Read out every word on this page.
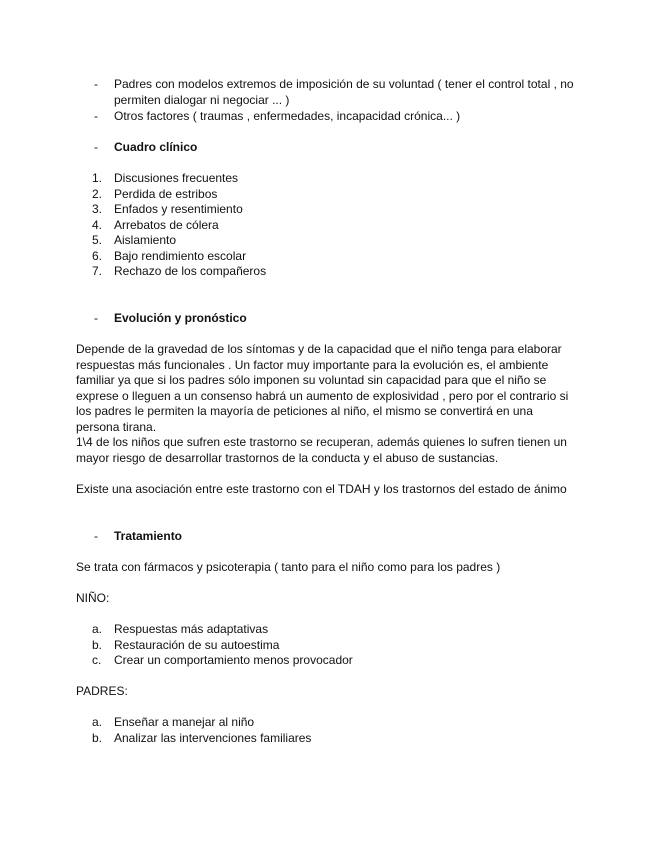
-	Padres con modelos extremos de imposición de su voluntad ( tener el control total , no permiten dialogar ni negociar ... )
-	Otros factores ( traumas , enfermedades, incapacidad crónica... )
-	Cuadro clínico
1. Discusiones frecuentes
2. Perdida de estribos
3. Enfados y resentimiento
4. Arrebatos de cólera
5. Aislamiento
6. Bajo rendimiento escolar
7. Rechazo de los compañeros
-	Evolución y pronóstico
Depende de la gravedad de los síntomas y de la capacidad que el niño tenga para elaborar respuestas más funcionales . Un factor muy importante para la evolución es, el ambiente familiar ya que si los padres sólo imponen su voluntad sin capacidad para que el niño se exprese o lleguen a un consenso habrá un aumento de explosividad , pero por el contrario si los padres le permiten la mayoría de peticiones al niño, el mismo se convertirá en una persona tirana.
1\4 de los niños que sufren este trastorno se recuperan, además quienes lo sufren tienen un mayor riesgo de desarrollar trastornos de la conducta y el abuso de sustancias.
Existe una asociación entre este trastorno con el TDAH y los trastornos del estado de ánimo
-	Tratamiento
Se trata con fármacos y psicoterapia ( tanto para el niño como para los padres )
NIÑO:
a. Respuestas más adaptativas
b. Restauración de su autoestima
c.	Crear un comportamiento menos provocador
PADRES:
a. Enseñar a manejar al niño
b. Analizar las intervenciones familiares
